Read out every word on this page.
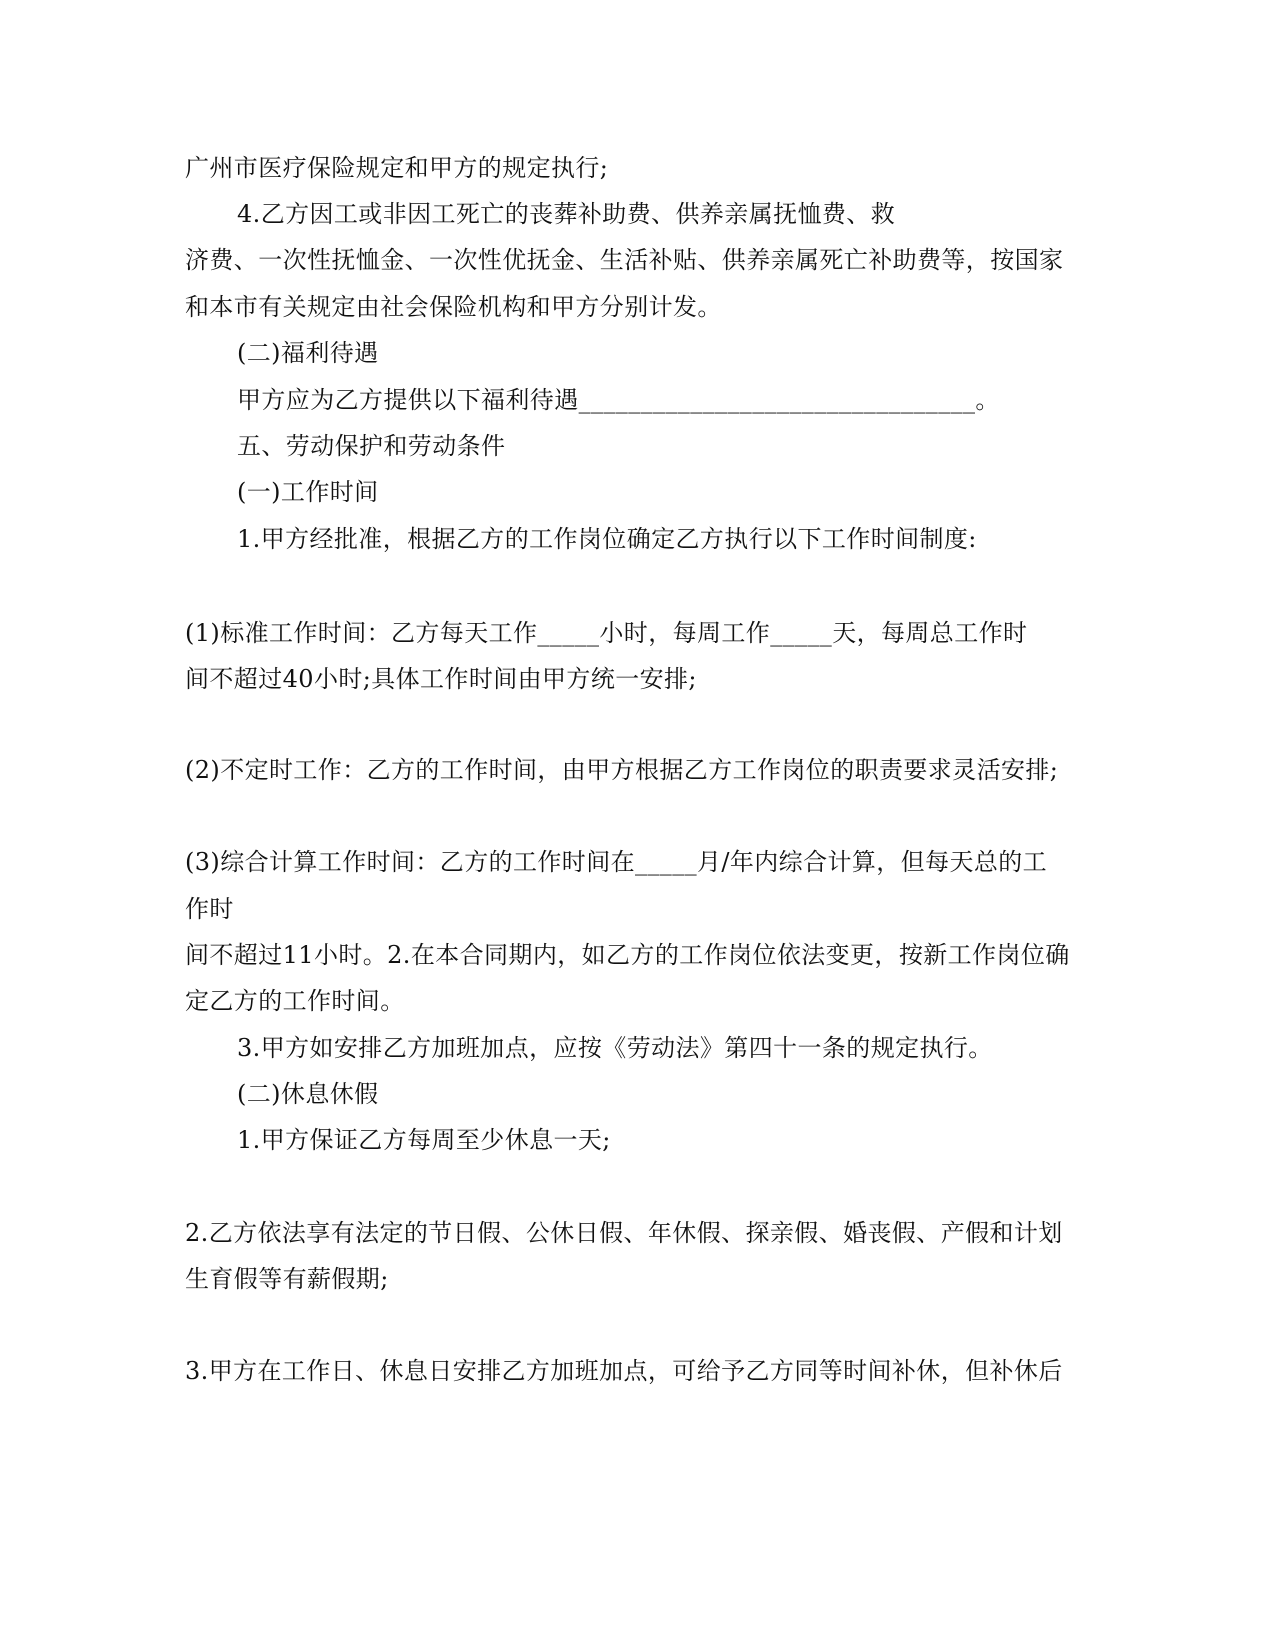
广州市医疗保险规定和甲方的规定执行;
4.乙方因工或非因工死亡的丧葬补助费、供养亲属抚恤费、救
济费、一次性抚恤金、一次性优抚金、生活补贴、供养亲属死亡补助费等，按国家
和本市有关规定由社会保险机构和甲方分别计发。
(二)福利待遇
甲方应为乙方提供以下福利待遇________________________________。
五、劳动保护和劳动条件
(一)工作时间
1.甲方经批准，根据乙方的工作岗位确定乙方执行以下工作时间制度:
(1)标准工作时间：乙方每天工作_____小时，每周工作_____天，每周总工作时
间不超过40小时;具体工作时间由甲方统一安排;
(2)不定时工作：乙方的工作时间，由甲方根据乙方工作岗位的职责要求灵活安排;
(3)综合计算工作时间：乙方的工作时间在_____月/年内综合计算，但每天总的工
作时
间不超过11小时。2.在本合同期内，如乙方的工作岗位依法变更，按新工作岗位确
定乙方的工作时间。
3.甲方如安排乙方加班加点，应按《劳动法》第四十一条的规定执行。
(二)休息休假
1.甲方保证乙方每周至少休息一天;
2.乙方依法享有法定的节日假、公休日假、年休假、探亲假、婚丧假、产假和计划
生育假等有薪假期;
3.甲方在工作日、休息日安排乙方加班加点，可给予乙方同等时间补休，但补休后
